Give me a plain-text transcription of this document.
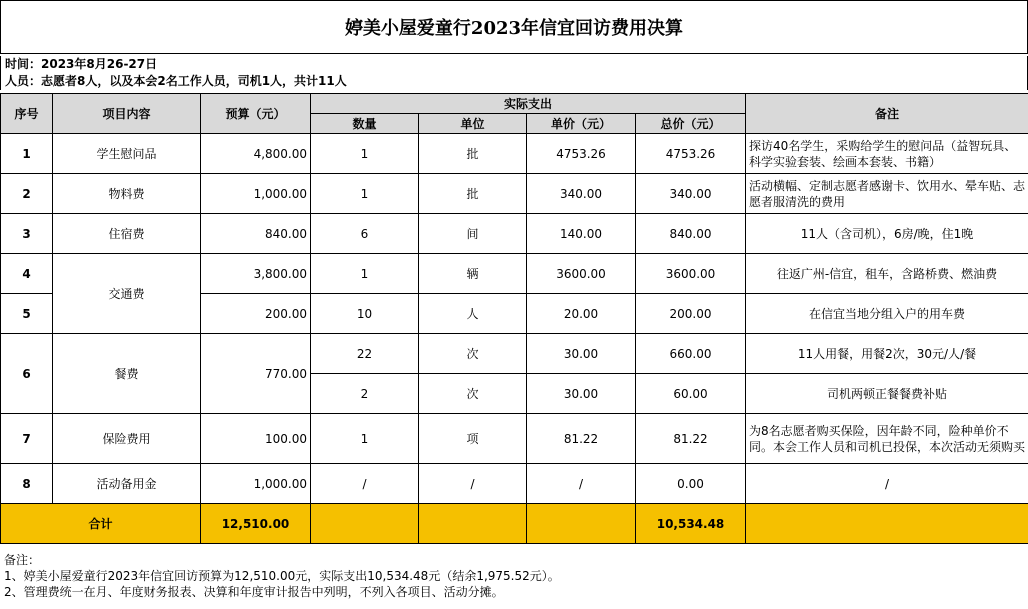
婷美小屋爱童行2023年信宜回访费用决算
时间：2023年8月26-27日
人员：志愿者8人，以及本会2名工作人员，司机1人，共计11人
序号	项目内容	预算（元）	实际支出				备注
			数量	单位	单价（元）	总价（元）	
1	学生慰问品	4,800.00	1	批	4753.26	4753.26	探访40名学生，采购给学生的慰问品（益智玩具、科学实验套装、绘画本套装、书籍）
2	物料费	1,000.00	1	批	340.00	340.00	活动横幅、定制志愿者感谢卡、饮用水、晕车贴、志愿者服清洗的费用
3	住宿费	840.00	6	间	140.00	840.00	11人（含司机），6房/晚，住1晚
4	交通费	3,800.00	1	辆	3600.00	3600.00	往返广州-信宜，租车，含路桥费、燃油费
5		200.00	10	人	20.00	200.00	在信宜当地分组入户的用车费
6	餐费	770.00	22	次	30.00	660.00	11人用餐，用餐2次，30元/人/餐
			2	次	30.00	60.00	司机两顿正餐餐费补贴
7	保险费用	100.00	1	项	81.22	81.22	为8名志愿者购买保险，因年龄不同，险种单价不同。本会工作人员和司机已投保，本次活动无须购买
8	活动备用金	1,000.00	/	/	/	0.00	/
合计		12,510.00				10,534.48	
备注：
1、婷美小屋爱童行2023年信宜回访预算为12,510.00元，实际支出10,534.48元（结余1,975.52元）。
2、管理费统一在月、年度财务报表、决算和年度审计报告中列明，不列入各项目、活动分摊。
